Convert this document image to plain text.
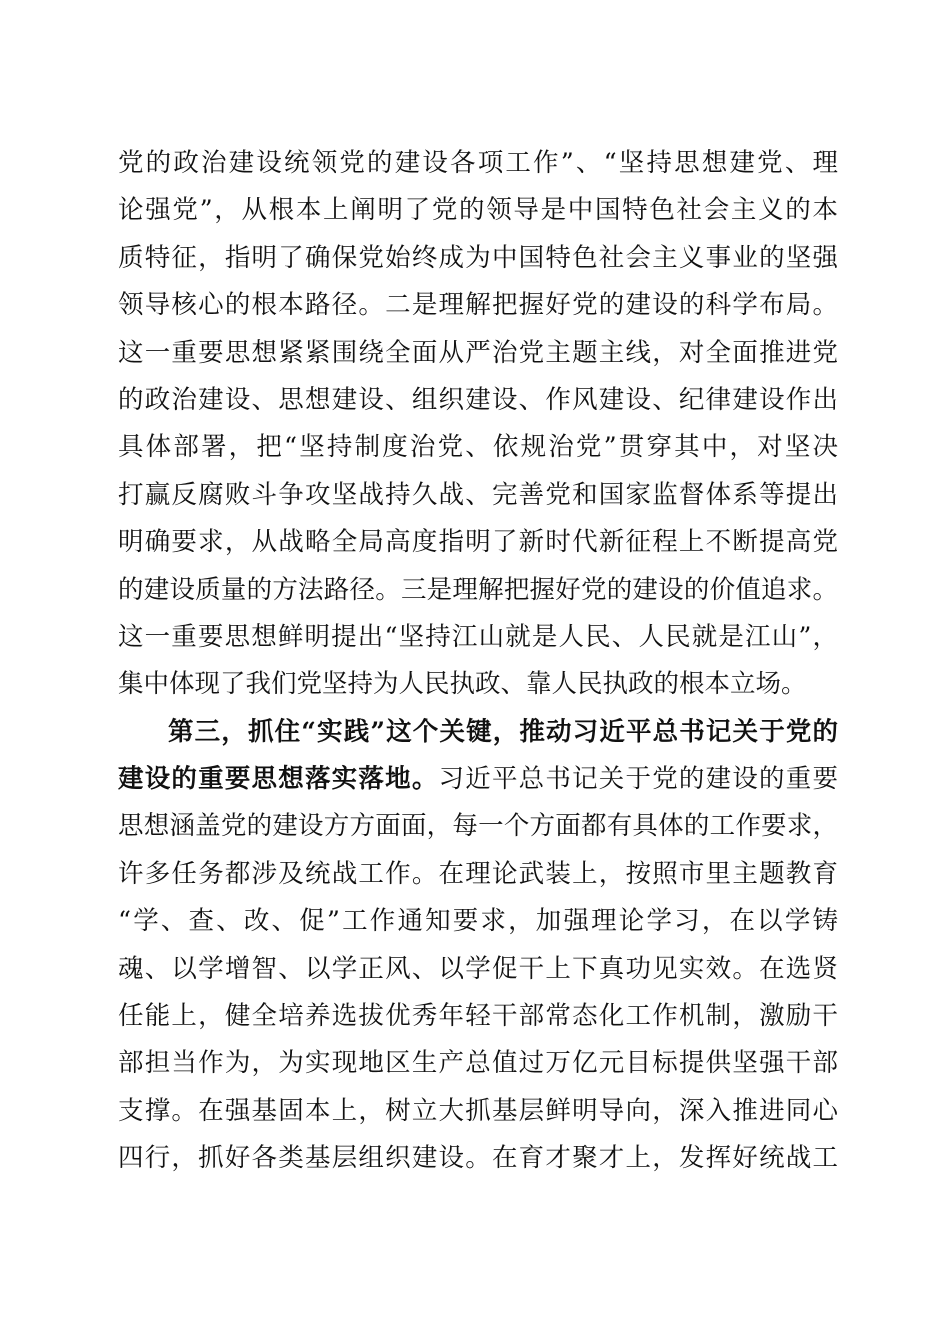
党的政治建设统领党的建设各项工作”、“坚持思想建党、理
论强党”，从根本上阐明了党的领导是中国特色社会主义的本
质特征，指明了确保党始终成为中国特色社会主义事业的坚强
领导核心的根本路径。二是理解把握好党的建设的科学布局。
这一重要思想紧紧围绕全面从严治党主题主线，对全面推进党
的政治建设、思想建设、组织建设、作风建设、纪律建设作出
具体部署，把“坚持制度治党、依规治党”贯穿其中，对坚决
打赢反腐败斗争攻坚战持久战、完善党和国家监督体系等提出
明确要求，从战略全局高度指明了新时代新征程上不断提高党
的建设质量的方法路径。三是理解把握好党的建设的价值追求。
这一重要思想鲜明提出“坚持江山就是人民、人民就是江山”，
集中体现了我们党坚持为人民执政、靠人民执政的根本立场。
第三，抓住“实践”这个关键，推动习近平总书记关于党的
建设的重要思想落实落地。习近平总书记关于党的建设的重要
思想涵盖党的建设方方面面，每一个方面都有具体的工作要求，
许多任务都涉及统战工作。在理论武装上，按照市里主题教育
“学、查、改、促”工作通知要求，加强理论学习，在以学铸
魂、以学增智、以学正风、以学促干上下真功见实效。在选贤
任能上，健全培养选拔优秀年轻干部常态化工作机制，激励干
部担当作为，为实现地区生产总值过万亿元目标提供坚强干部
支撑。在强基固本上，树立大抓基层鲜明导向，深入推进同心
四行，抓好各类基层组织建设。在育才聚才上，发挥好统战工
